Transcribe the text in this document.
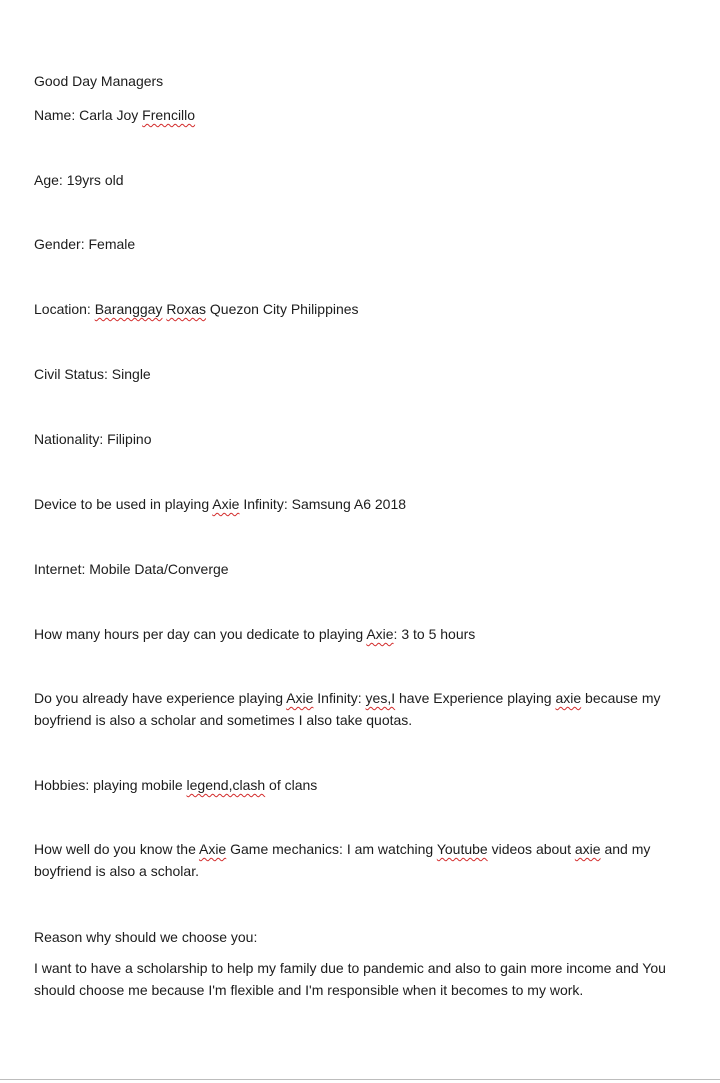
Good Day Managers
Name: Carla Joy Frencillo
Age: 19yrs old
Gender: Female
Location: Baranggay Roxas Quezon City Philippines
Civil Status: Single
Nationality: Filipino
Device to be used in playing Axie Infinity: Samsung A6 2018
Internet: Mobile Data/Converge
How many hours per day can you dedicate to playing Axie: 3 to 5 hours
Do you already have experience playing Axie Infinity: yes,I have Experience playing axie because my boyfriend is also a scholar and sometimes I also take quotas.
Hobbies: playing mobile legend,clash of clans
How well do you know the Axie Game mechanics: I am watching Youtube videos about axie and my boyfriend is also a scholar.
Reason why should we choose you:
I want to have a scholarship to help my family due to pandemic and also to gain more income and You should choose me because I'm flexible and I'm responsible when it becomes to my work.
